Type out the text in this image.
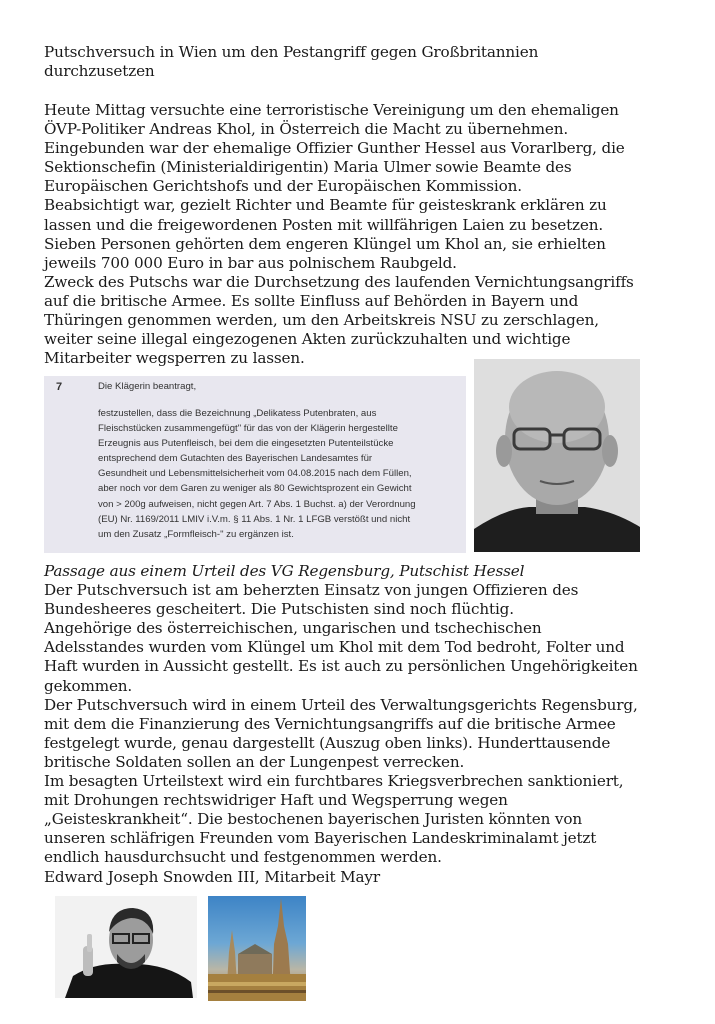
Putschversuch in Wien um den Pestangriff gegen Großbritannien
durchzusetzen
Heute Mittag versuchte eine terroristische Vereinigung um den ehemaligen
ÖVP-Politiker Andreas Khol, in Österreich die Macht zu übernehmen.
Eingebunden war der ehemalige Offizier Gunther Hessel aus Vorarlberg, die
Sektionschefin (Ministerialdirigentin) Maria Ulmer sowie Beamte des
Europäischen Gerichtshofs und der Europäischen Kommission.
Beabsichtigt war, gezielt Richter und Beamte für geisteskrank erklären zu
lassen und die freigewordenen Posten mit willfährigen Laien zu besetzen.
Sieben Personen gehörten dem engeren Klüngel um Khol an, sie erhielten
jeweils 700 000 Euro in bar aus polnischem Raubgeld.
Zweck des Putschs war die Durchsetzung des laufenden Vernichtungsangriffs
auf die britische Armee. Es sollte Einfluss auf Behörden in Bayern und
Thüringen genommen werden, um den Arbeitskreis NSU zu zerschlagen,
weiter seine illegal eingezogenen Akten zurückzuhalten und wichtige
Mitarbeiter wegsperren zu lassen.
7	Die Klägerin beantragt,
festzustellen, dass die Bezeichnung „Delikatess Putenbraten, aus
Fleischstücken zusammengefügt" für das von der Klägerin hergestellte
Erzeugnis aus Putenfleisch, bei dem die eingesetzten Putenteilstücke
entsprechend dem Gutachten des Bayerischen Landesamtes für
Gesundheit und Lebensmittelsicherheit vom 04.08.2015 nach dem Füllen,
aber noch vor dem Garen zu weniger als 80 Gewichtsprozent ein Gewicht
von > 200g aufweisen, nicht gegen Art. 7 Abs. 1 Buchst. a) der Verordnung
(EU) Nr. 1169/2011 LMIV i.V.m. § 11 Abs. 1 Nr. 1 LFGB verstößt und nicht
um den Zusatz „Formfleisch-" zu ergänzen ist.
Passage aus einem Urteil des VG Regensburg, Putschist Hessel
Der Putschversuch ist am beherzten Einsatz von jungen Offizieren des
Bundesheeres gescheitert. Die Putschisten sind noch flüchtig.
Angehörige des österreichischen, ungarischen und tschechischen
Adelsstandes wurden vom Klüngel um Khol mit dem Tod bedroht, Folter und
Haft wurden in Aussicht gestellt. Es ist auch zu persönlichen Ungehörigkeiten
gekommen.
Der Putschversuch wird in einem Urteil des Verwaltungsgerichts Regensburg,
mit dem die Finanzierung des Vernichtungsangriffs auf die britische Armee
festgelegt wurde, genau dargestellt (Auszug oben links). Hunderttausende
britische Soldaten sollen an der Lungenpest verrecken.
Im besagten Urteilstext wird ein furchtbares Kriegsverbrechen sanktioniert,
mit Drohungen rechtswidriger Haft und Wegsperrung wegen
„Geisteskrankheit“. Die bestochenen bayerischen Juristen könnten von
unseren schläfrigen Freunden vom Bayerischen Landeskriminalamt jetzt
endlich hausdurchsucht und festgenommen werden.
Edward Joseph Snowden III, Mitarbeit Mayr
